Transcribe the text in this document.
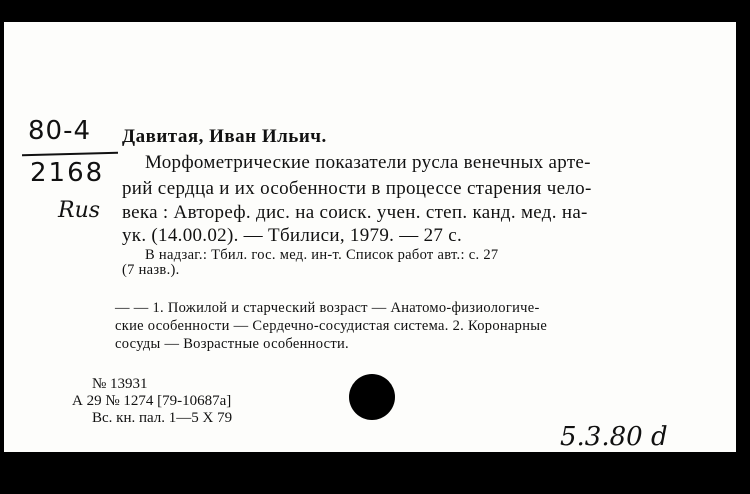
80-4
2168
Rus
Давитая, Иван Ильич.
Морфометрические показатели русла венечных арте-
рий сердца и их особенности в процессе старения чело-
века : Автореф. дис. на соиск. учен. степ. канд. мед. на-
ук. (14.00.02). — Тбилиси, 1979. — 27 с.
В надзаг.: Тбил. гос. мед. ин-т. Список работ авт.: с. 27
(7 назв.).
— — 1. Пожилой и старческий возраст — Анатомо-физиологиче-
ские особенности — Сердечно-сосудистая система. 2. Коронарные
сосуды — Возрастные особенности.
№ 13931
А 29 № 1274 [79-10687а]
Вс. кн. пал. 1—5 Х 79
5.3.80 d
